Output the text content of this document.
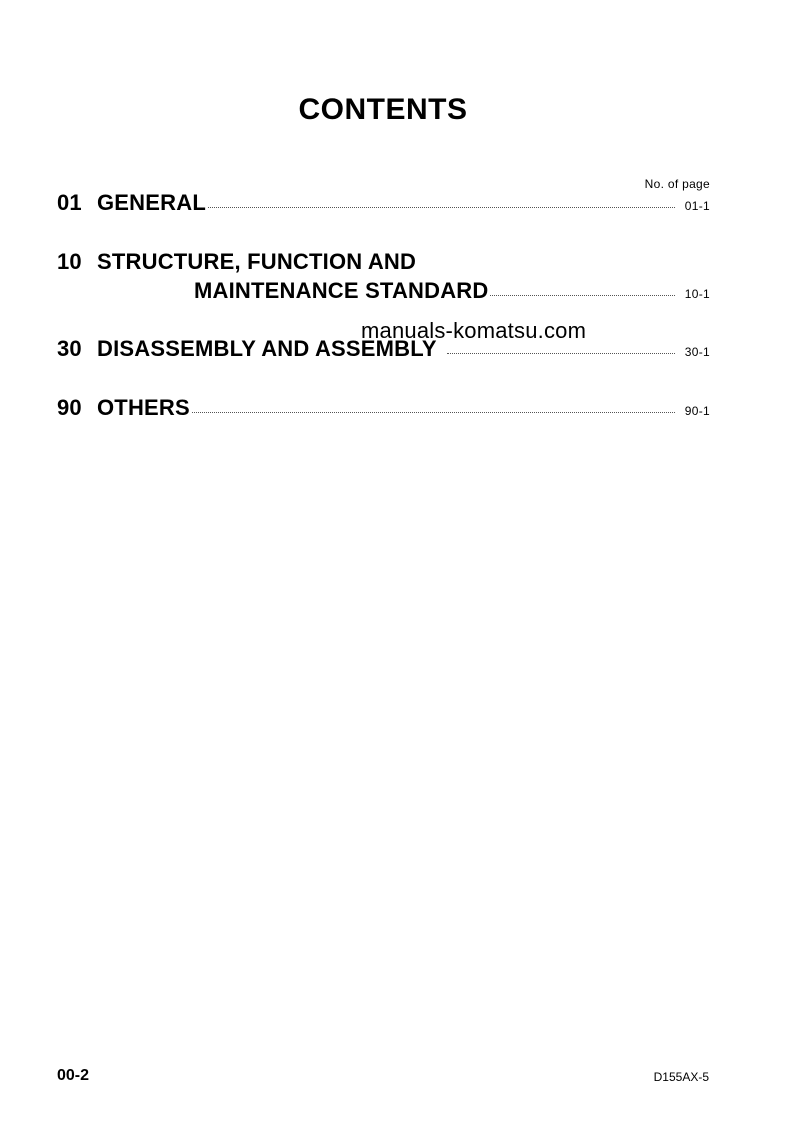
CONTENTS
No. of page
01 GENERAL	01-1
10 STRUCTURE, FUNCTION AND
MAINTENANCE STANDARD	10-1
30 DISASSEMBLY AND ASSEMBLY	30-1
90 OTHERS	90-1
manuals-komatsu.com
00-2	D155AX-5
